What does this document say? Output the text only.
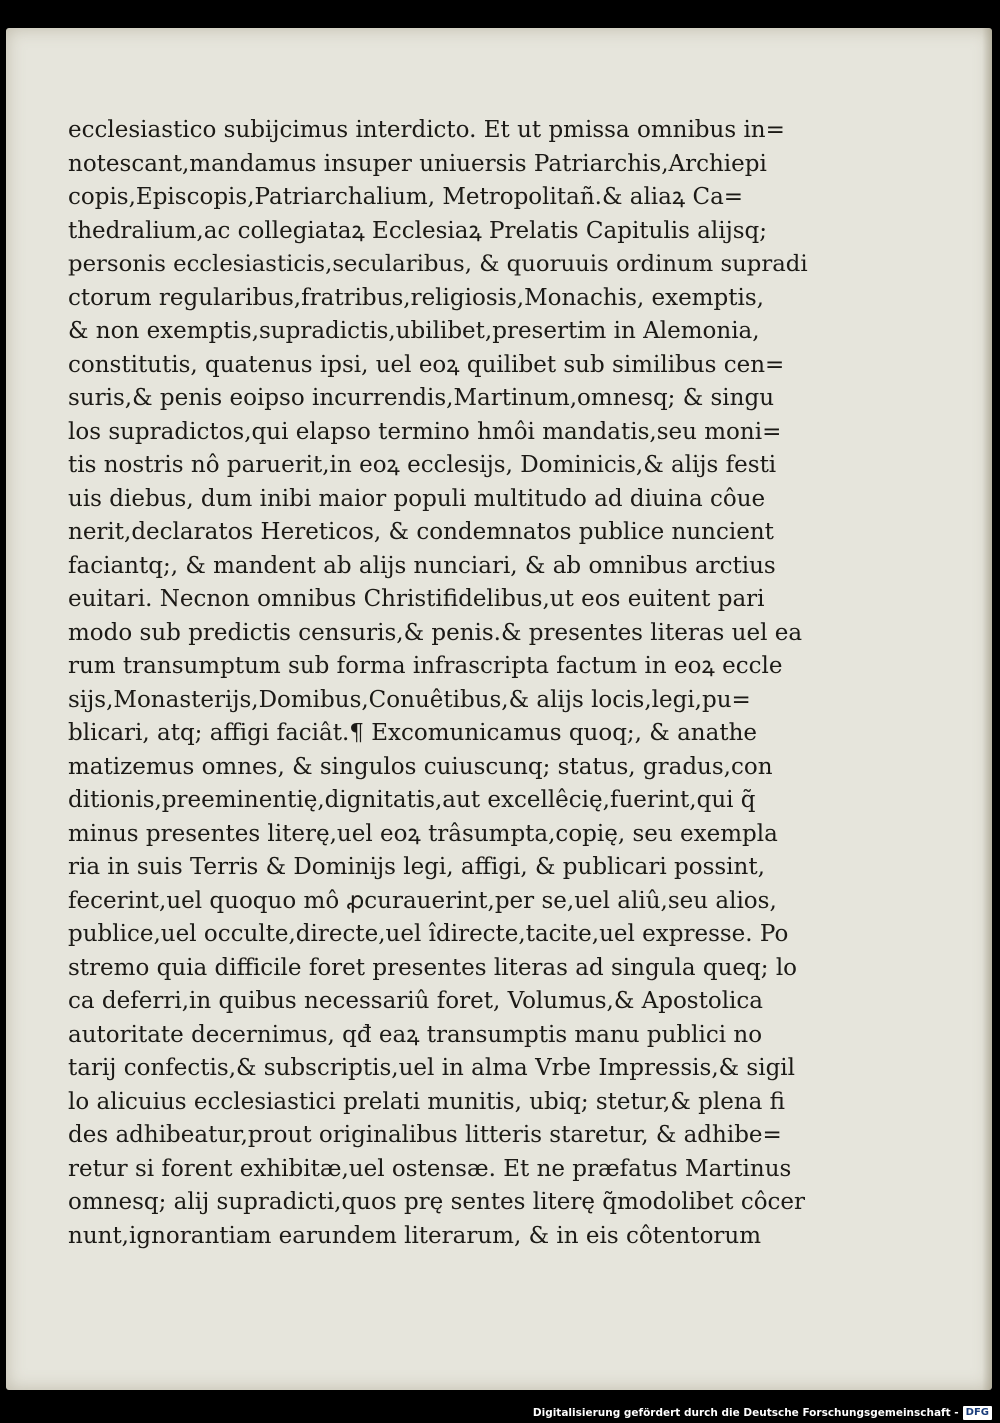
ecclesiastico subijcimus interdicto. Et ut pmissa omnibus in=
notescant,mandamus insuper uniuersis Patriarchis,Archiepi
copis,Episcopis,Patriarchalium, Metropolitañ.& aliaꝝ Ca=
thedralium,ac collegiataꝝ Ecclesiaꝝ Prelatis Capitulis alijsq;
personis ecclesiasticis,secularibus, & quoruuis ordinum supradi
ctorum regularibus,fratribus,religiosis,Monachis, exemptis,
& non exemptis,supradictis,ubilibet,presertim in Alemonia,
constitutis, quatenus ipsi, uel eoꝝ quilibet sub similibus cen=
suris,& penis eoipso incurrendis,Martinum,omnesq; & singu
los supradictos,qui elapso termino hmôi mandatis,seu moni=
tis nostris nô paruerit,in eoꝝ ecclesijs, Dominicis,& alijs festi
uis diebus, dum inibi maior populi multitudo ad diuina côue
nerit,declaratos Hereticos, & condemnatos publice nuncient
faciantq;, & mandent ab alijs nunciari, & ab omnibus arctius
euitari. Necnon omnibus Christifidelibus,ut eos euitent pari
modo sub predictis censuris,& penis.& presentes literas uel ea
rum transumptum sub forma infrascripta factum in eoꝝ eccle
sijs,Monasterijs,Domibus,Conuêtibus,& alijs locis,legi,pu=
blicari, atq; affigi faciât.¶ Excomunicamus quoq;, & anathe
matizemus omnes, & singulos cuiuscunq; status, gradus,con
ditionis,preeminentię,dignitatis,aut excellêcię,fuerint,qui q̃
minus presentes literę,uel eoꝝ trâsumpta,copię, seu exempla
ria in suis Terris & Dominijs legi, affigi, & publicari possint,
fecerint,uel quoquo mô ꝓcurauerint,per se,uel aliû,seu alios,
publice,uel occulte,directe,uel îdirecte,tacite,uel expresse. Po
stremo quia difficile foret presentes literas ad singula queq; lo
ca deferri,in quibus necessariû foret, Volumus,& Apostolica
autoritate decernimus, qđ eaꝝ transumptis manu publici no
tarij confectis,& subscriptis,uel in alma Vrbe Impressis,& sigil
lo alicuius ecclesiastici prelati munitis, ubiq; stetur,& plena fi
des adhibeatur,prout originalibus litteris staretur, & adhibe=
retur si forent exhibitæ,uel ostensæ. Et ne præfatus Martinus
omnesq; alij supradicti,quos prę sentes literę q̃modolibet côcer
nunt,ignorantiam earundem literarum, & in eis côtentorum
Digitalisierung gefördert durch die Deutsche Forschungsgemeinschaft - DFG
